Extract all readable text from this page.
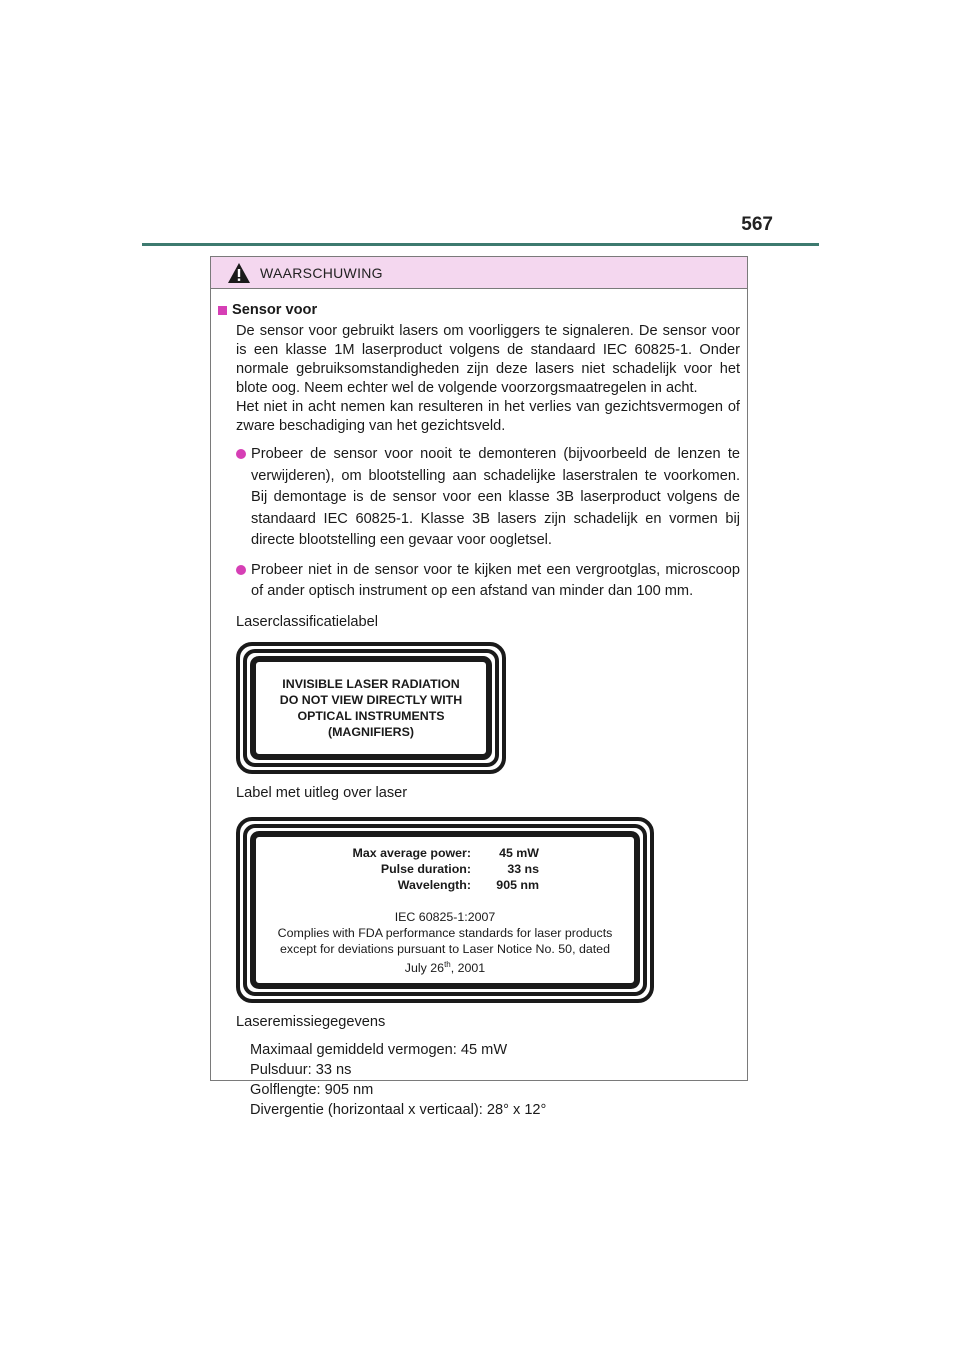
567
WAARSCHUWING
Sensor voor
De sensor voor gebruikt lasers om voorliggers te signaleren. De sensor voor is een klasse 1M laserproduct volgens de standaard IEC 60825-1. Onder normale gebruiksomstandigheden zijn deze lasers niet schadelijk voor het blote oog. Neem echter wel de volgende voorzorgsmaatregelen in acht.
Het niet in acht nemen kan resulteren in het verlies van gezichtsvermogen of zware beschadiging van het gezichtsveld.
Probeer de sensor voor nooit te demonteren (bijvoorbeeld de lenzen te verwijderen), om blootstelling aan schadelijke laserstralen te voorkomen. Bij demontage is de sensor voor een klasse 3B laserproduct volgens de standaard IEC 60825-1. Klasse 3B lasers zijn schadelijk en vormen bij directe blootstelling een gevaar voor oogletsel.
Probeer niet in de sensor voor te kijken met een vergrootglas, microscoop of ander optisch instrument op een afstand van minder dan 100 mm.
Laserclassificatielabel
INVISIBLE LASER RADIATION
DO NOT VIEW DIRECTLY WITH
OPTICAL INSTRUMENTS
(MAGNIFIERS)
Label met uitleg over laser
Max average power:	45 mW
Pulse duration:	33 ns
Wavelength:	905 nm
IEC 60825-1:2007
Complies with FDA performance standards for laser products
except for deviations pursuant to Laser Notice No. 50, dated
July 26th, 2001
Laseremissiegegevens
Maximaal gemiddeld vermogen: 45 mW
Pulsduur: 33 ns
Golflengte: 905 nm
Divergentie (horizontaal x verticaal): 28° x 12°
